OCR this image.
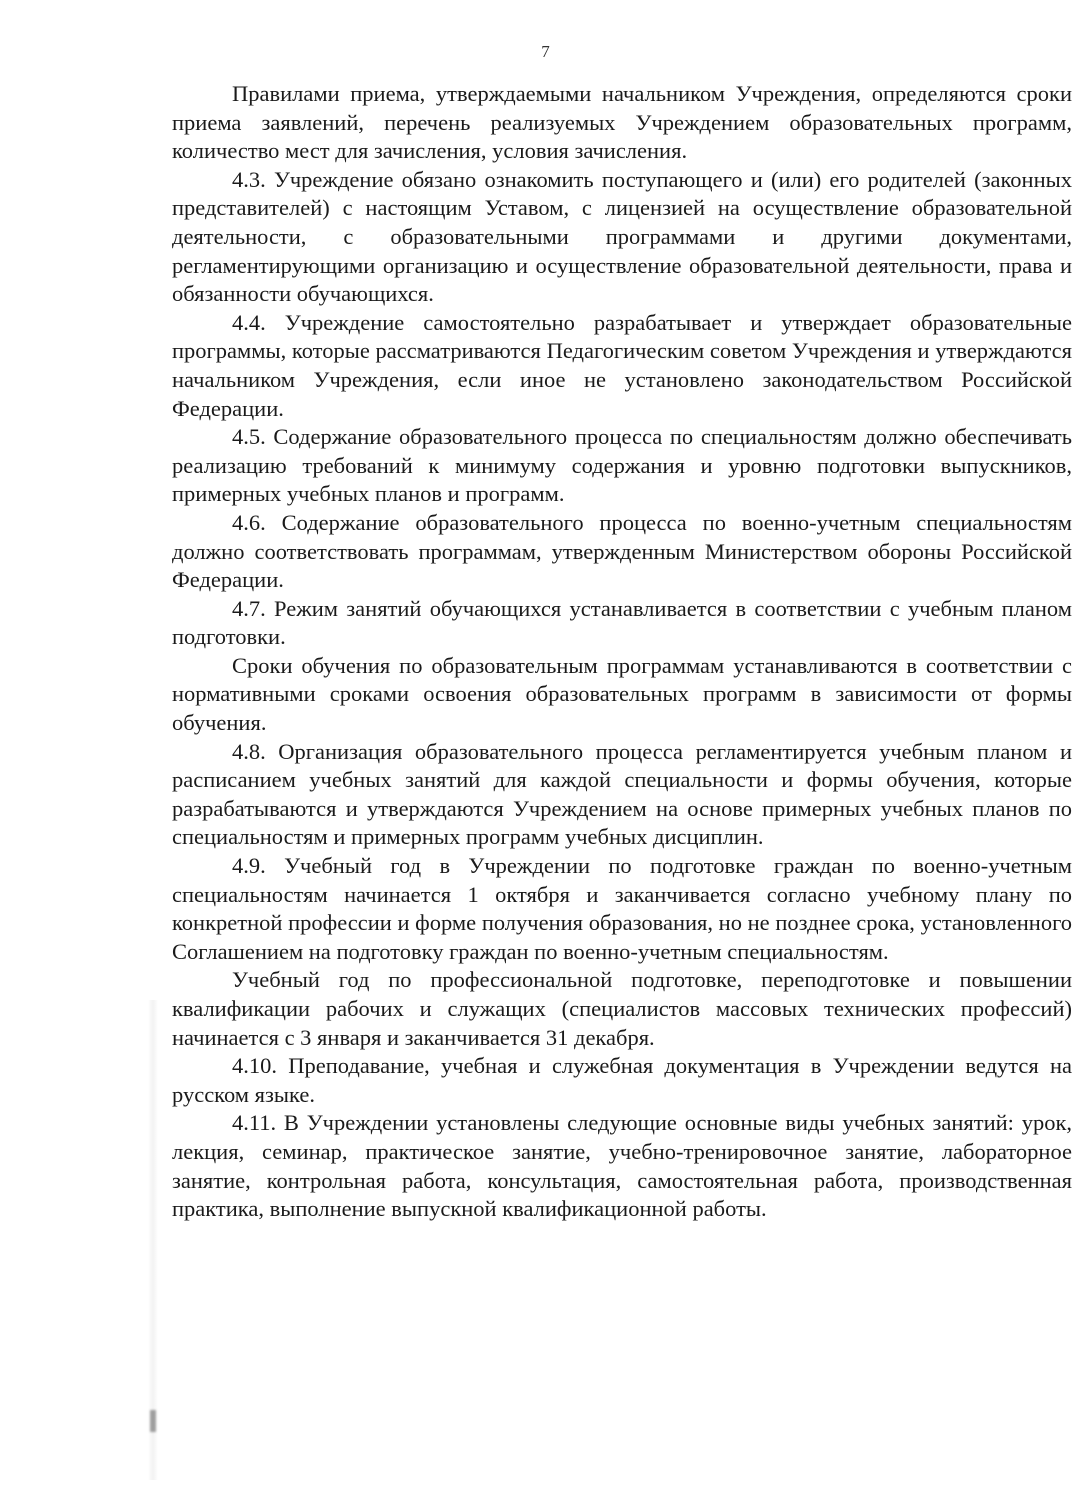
7

Правилами приема, утверждаемыми начальником Учреждения, определяются сроки приема заявлений, перечень реализуемых Учреждением образовательных программ, количество мест для зачисления, условия зачисления.

4.3. Учреждение обязано ознакомить поступающего и (или) его родителей (законных представителей) с настоящим Уставом, с лицензией на осуществление образовательной деятельности, с образовательными программами и другими документами, регламентирующими организацию и осуществление образовательной деятельности, права и обязанности обучающихся.

4.4. Учреждение самостоятельно разрабатывает и утверждает образовательные программы, которые рассматриваются Педагогическим советом Учреждения и утверждаются начальником Учреждения, если иное не установлено законодательством Российской Федерации.

4.5. Содержание образовательного процесса по специальностям должно обеспечивать реализацию требований к минимуму содержания и уровню подготовки выпускников, примерных учебных планов и программ.

4.6. Содержание образовательного процесса по военно-учетным специальностям должно соответствовать программам, утвержденным Министерством обороны Российской Федерации.

4.7. Режим занятий обучающихся устанавливается в соответствии с учебным планом подготовки.

Сроки обучения по образовательным программам устанавливаются в соответствии с нормативными сроками освоения образовательных программ в зависимости от формы обучения.

4.8. Организация образовательного процесса регламентируется учебным планом и расписанием учебных занятий для каждой специальности и формы обучения, которые разрабатываются и утверждаются Учреждением на основе примерных учебных планов по специальностям и примерных программ учебных дисциплин.

4.9. Учебный год в Учреждении по подготовке граждан по военно-учетным специальностям начинается 1 октября и заканчивается согласно учебному плану по конкретной профессии и форме получения образования, но не позднее срока, установленного Соглашением на подготовку граждан по военно-учетным специальностям.

Учебный год по профессиональной подготовке, переподготовке и повышении квалификации рабочих и служащих (специалистов массовых технических профессий) начинается с 3 января и заканчивается 31 декабря.

4.10. Преподавание, учебная и служебная документация в Учреждении ведутся на русском языке.

4.11. В Учреждении установлены следующие основные виды учебных занятий: урок, лекция, семинар, практическое занятие, учебно-тренировочное занятие, лабораторное занятие, контрольная работа, консультация, самостоятельная работа, производственная практика, выполнение выпускной квалификационной работы.
